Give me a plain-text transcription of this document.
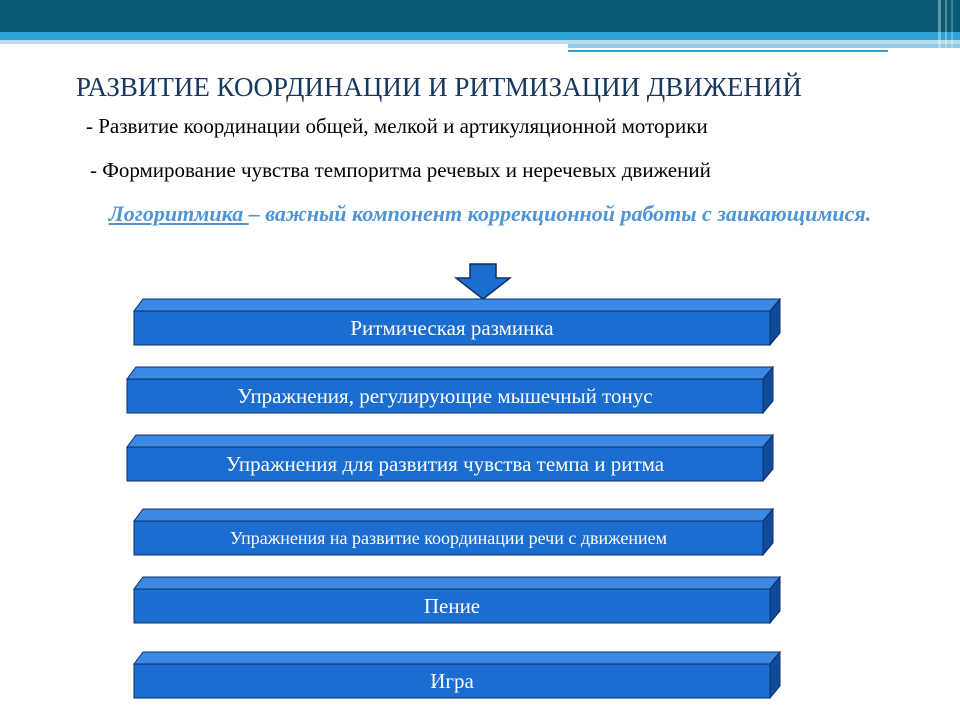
РАЗВИТИЕ КООРДИНАЦИИ И РИТМИЗАЦИИ ДВИЖЕНИЙ

- Развитие координации общей, мелкой и артикуляционной моторики

- Формирование чувства темпоритма речевых и неречевых движений

Логоритмика – важный компонент коррекционной работы с заикающимися.

Ритмическая разминка
Упражнения, регулирующие мышечный тонус
Упражнения для развития чувства темпа и ритма
Упражнения на развитие координации речи с движением
Пение
Игра
